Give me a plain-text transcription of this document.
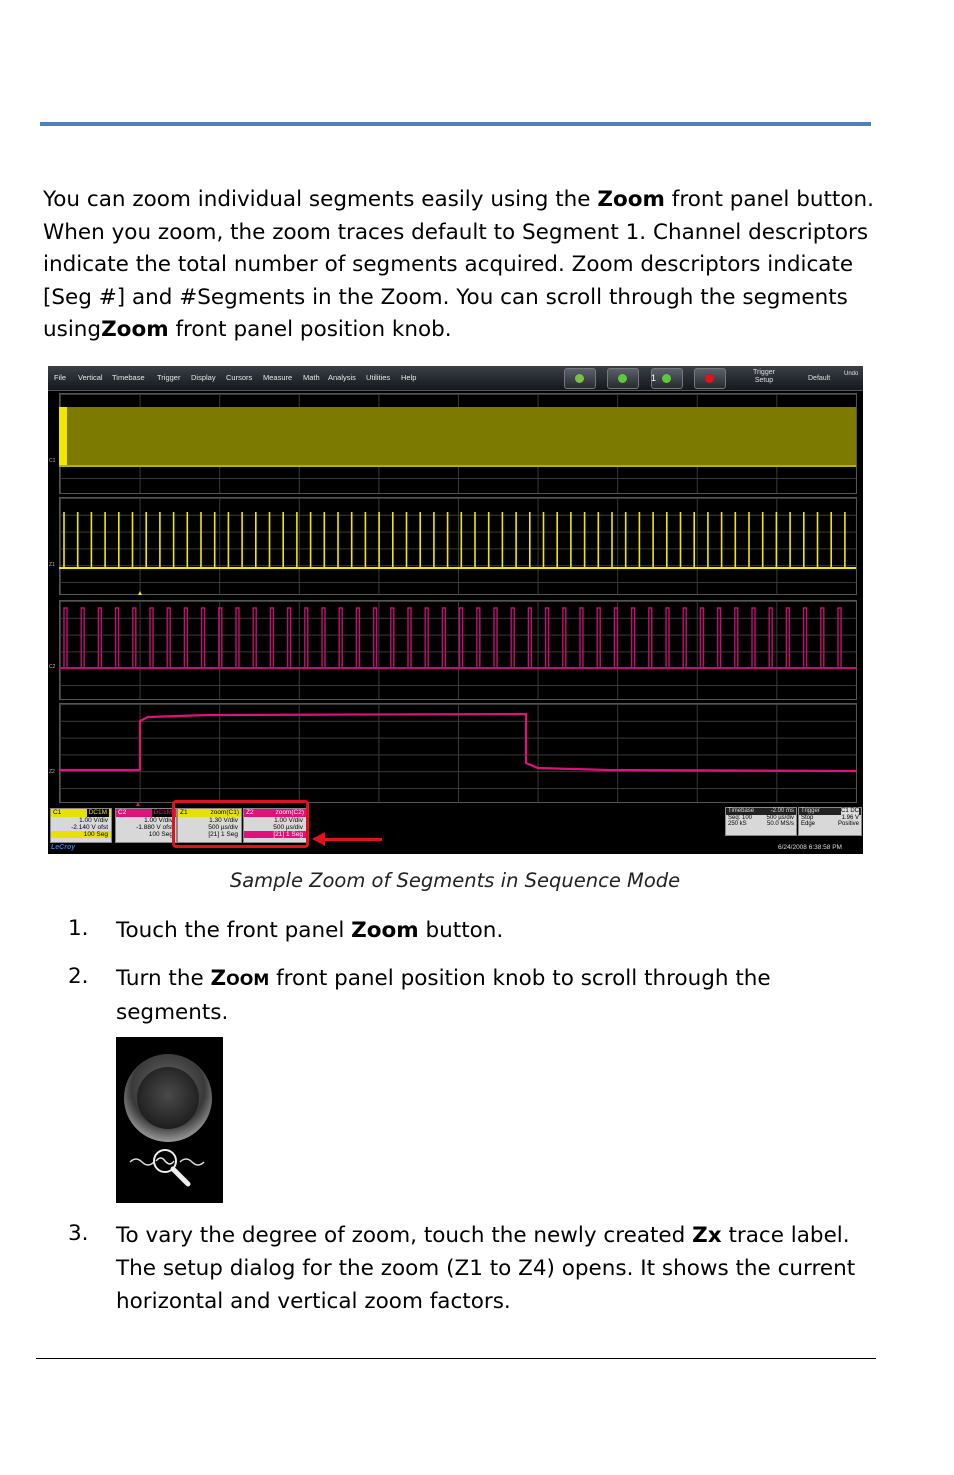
You can zoom individual segments easily using the Zoom front panel button. When you zoom, the zoom traces default to Segment 1. Channel descriptors indicate the total number of segments acquired. Zoom descriptors indicate [Seg #] and #Segments in the Zoom. You can scroll through the segments usingZoom front panel position knob.
File Vertical Timebase Trigger Display Cursors Measure Math Analysis Utilities Help	1
Trigger Setup	Default
Undo
C1
Z1
C2
Z2
C1	DC1M
1.00 V/div
-2.140 V ofst
100 Seg
C2	DC1M
1.00 V/div
-1.880 V ofst
100 Seg
Z1	zoom(C1)
1.30 V/div
500 µs/div
[21] 1 Seg
Z2	zoom(C2)
1.00 V/div
500 µs/div
[21] 1 Seg
Timebase	-2.00 ms
Seq: 100 500 µs/div
250 kS	50.0 MS/s
Trigger	C1 DC
Stop	1.96 V
Edge	Positive
6/24/2008 6:38:58 PM
LeCroy
Sample Zoom of Segments in Sequence Mode
1. Touch the front panel Zoom button.
2. Turn the ZOOM front panel position knob to scroll through the segments.
3. To vary the degree of zoom, touch the newly created Zx trace label. The setup dialog for the zoom (Z1 to Z4) opens. It shows the current horizontal and vertical zoom factors.
